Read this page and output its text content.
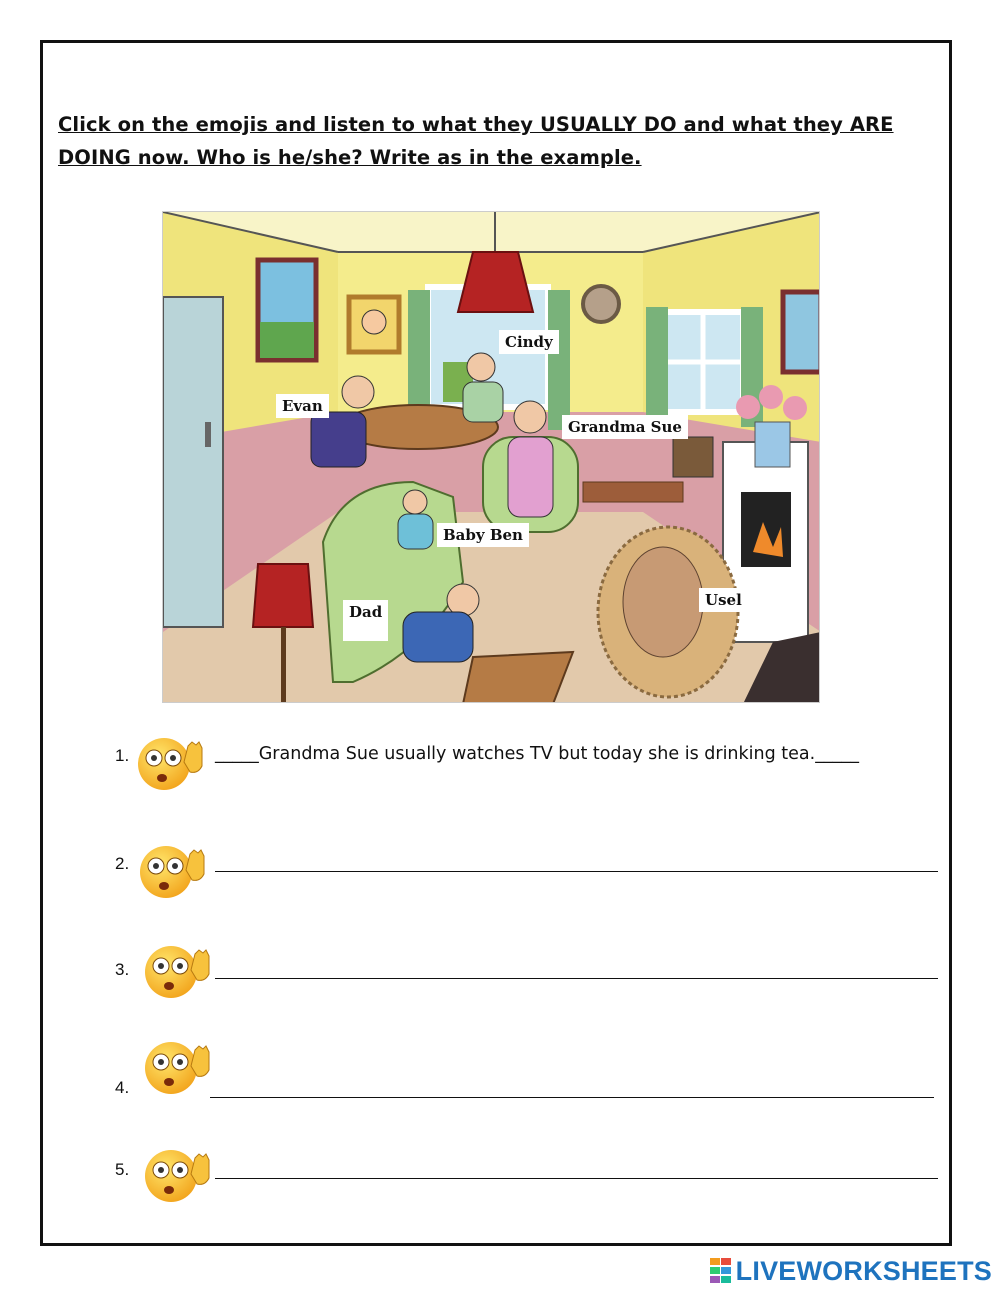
Click on the emojis and listen to what they USUALLY DO and what they ARE
DOING now. Who is he/she? Write as in the example.
Cindy
Evan
Grandma Sue
Baby Ben
Dad
Usel
1.	_____Grandma Sue usually watches TV but today she is drinking tea._____
2.
3.
4.
5.
LIVEWORKSHEETS
